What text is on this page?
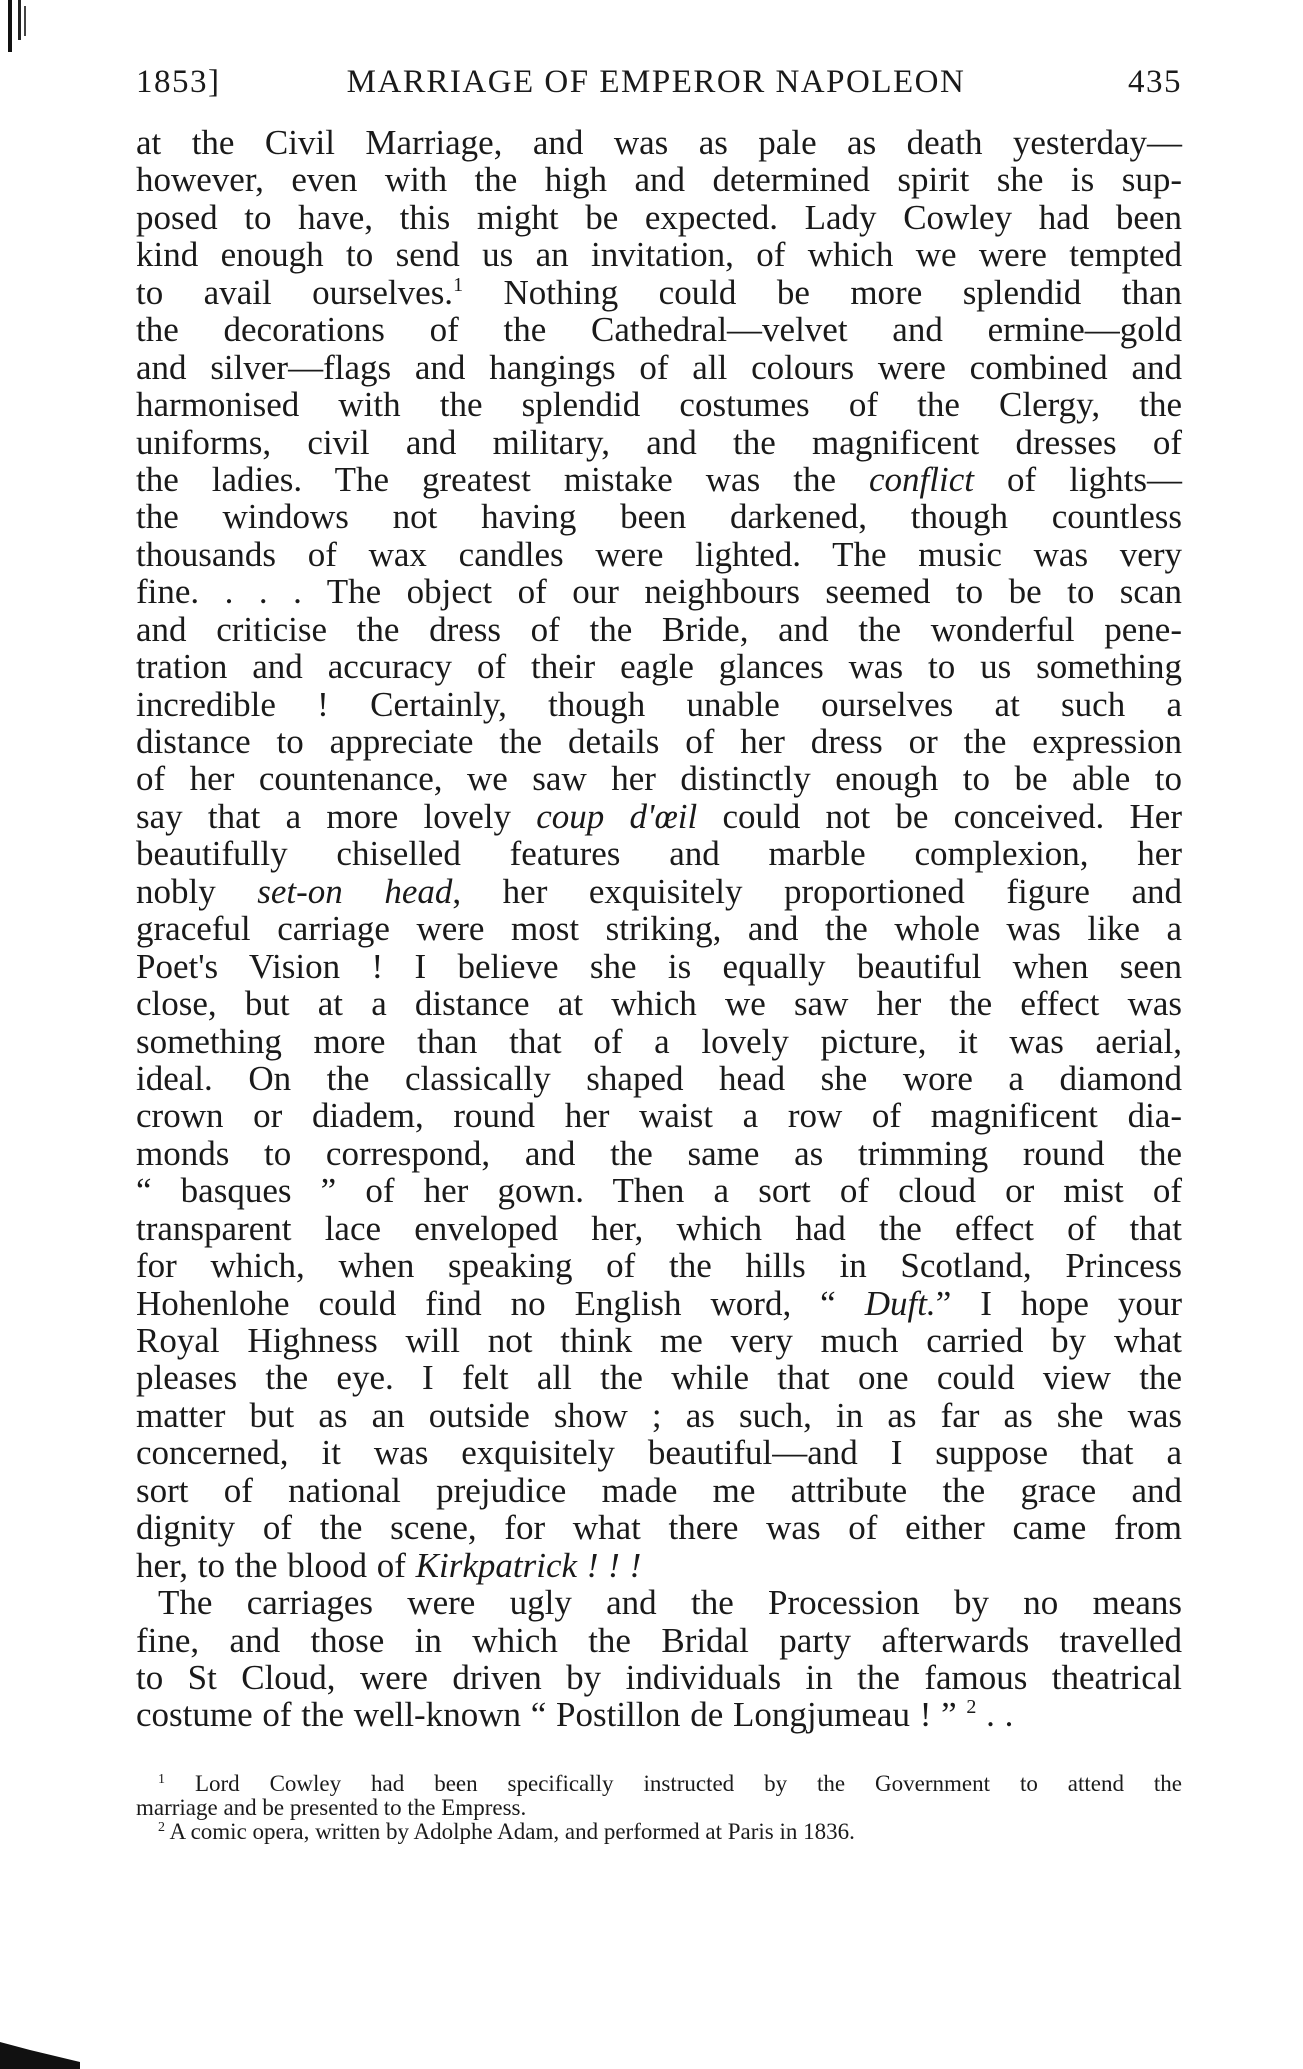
1853]	MARRIAGE OF EMPEROR NAPOLEON	435
at the Civil Marriage, and was as pale as death yesterday—
however, even with the high and determined spirit she is sup-
posed to have, this might be expected. Lady Cowley had been
kind enough to send us an invitation, of which we were tempted
to avail ourselves.$^1$ Nothing could be more splendid than
the decorations of the Cathedral—velvet and ermine—gold
and silver—flags and hangings of all colours were combined and
harmonised with the splendid costumes of the Clergy, the
uniforms, civil and military, and the magnificent dresses of
the ladies. The greatest mistake was the conflict of lights—
the windows not having been darkened, though countless
thousands of wax candles were lighted. The music was very
fine. . . . The object of our neighbours seemed to be to scan
and criticise the dress of the Bride, and the wonderful pene-
tration and accuracy of their eagle glances was to us something
incredible ! Certainly, though unable ourselves at such a
distance to appreciate the details of her dress or the expression
of her countenance, we saw her distinctly enough to be able to
say that a more lovely coup d'œil could not be conceived. Her
beautifully chiselled features and marble complexion, her
nobly set-on head, her exquisitely proportioned figure and
graceful carriage were most striking, and the whole was like a
Poet's Vision ! I believe she is equally beautiful when seen
close, but at a distance at which we saw her the effect was
something more than that of a lovely picture, it was aerial,
ideal. On the classically shaped head she wore a diamond
crown or diadem, round her waist a row of magnificent dia-
monds to correspond, and the same as trimming round the
“ basques ” of her gown. Then a sort of cloud or mist of
transparent lace enveloped her, which had the effect of that
for which, when speaking of the hills in Scotland, Princess
Hohenlohe could find no English word, “ Duft.” I hope your
Royal Highness will not think me very much carried by what
pleases the eye. I felt all the while that one could view the
matter but as an outside show ; as such, in as far as she was
concerned, it was exquisitely beautiful—and I suppose that a
sort of national prejudice made me attribute the grace and
dignity of the scene, for what there was of either came from
her, to the blood of Kirkpatrick ! ! !
The carriages were ugly and the Procession by no means
fine, and those in which the Bridal party afterwards travelled
to St Cloud, were driven by individuals in the famous theatrical
costume of the well-known “ Postillon de Longjumeau ! ” $^2$ . .
$^1$ Lord Cowley had been specifically instructed by the Government to attend the
marriage and be presented to the Empress.
$^2$ A comic opera, written by Adolphe Adam, and performed at Paris in 1836.
